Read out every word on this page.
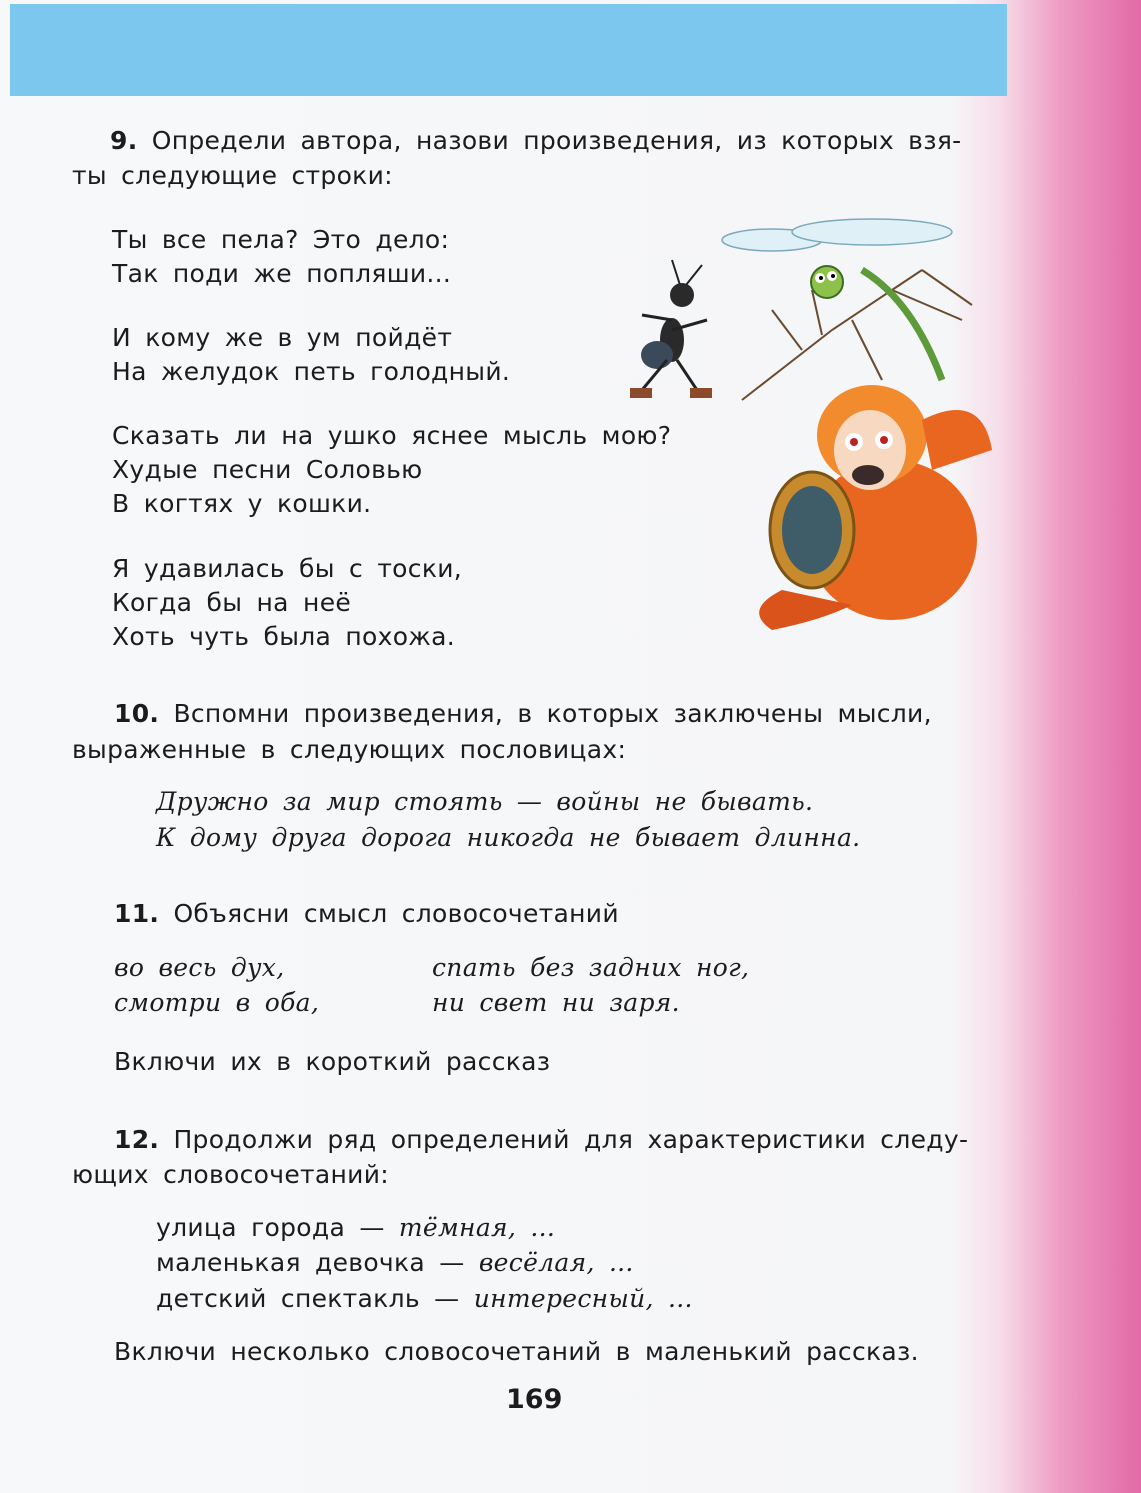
9. Определи автора, назови произведения, из которых взя-
ты следующие строки:
Ты все пела? Это дело:
Так поди же попляши...
И кому же в ум пойдёт
На желудок петь голодный.
Сказать ли на ушко яснее мысль мою?
Худые песни Соловью
В когтях у кошки.
Я удавилась бы с тоски,
Когда бы на неё
Хоть чуть была похожа.
10. Вспомни произведения, в которых заключены мысли,
выраженные в следующих пословицах:
Дружно за мир стоять — войны не бывать.
К дому друга дорога никогда не бывает длинна.
11. Объясни смысл словосочетаний
во весь дух,	спать без задних ног,
смотри в оба,	ни свет ни заря.
Включи их в короткий рассказ
12. Продолжи ряд определений для характеристики следу-
ющих словосочетаний:
улица города — тёмная, ...
маленькая девочка — весёлая, ...
детский спектакль — интересный, ...
Включи несколько словосочетаний в маленький рассказ.
169
